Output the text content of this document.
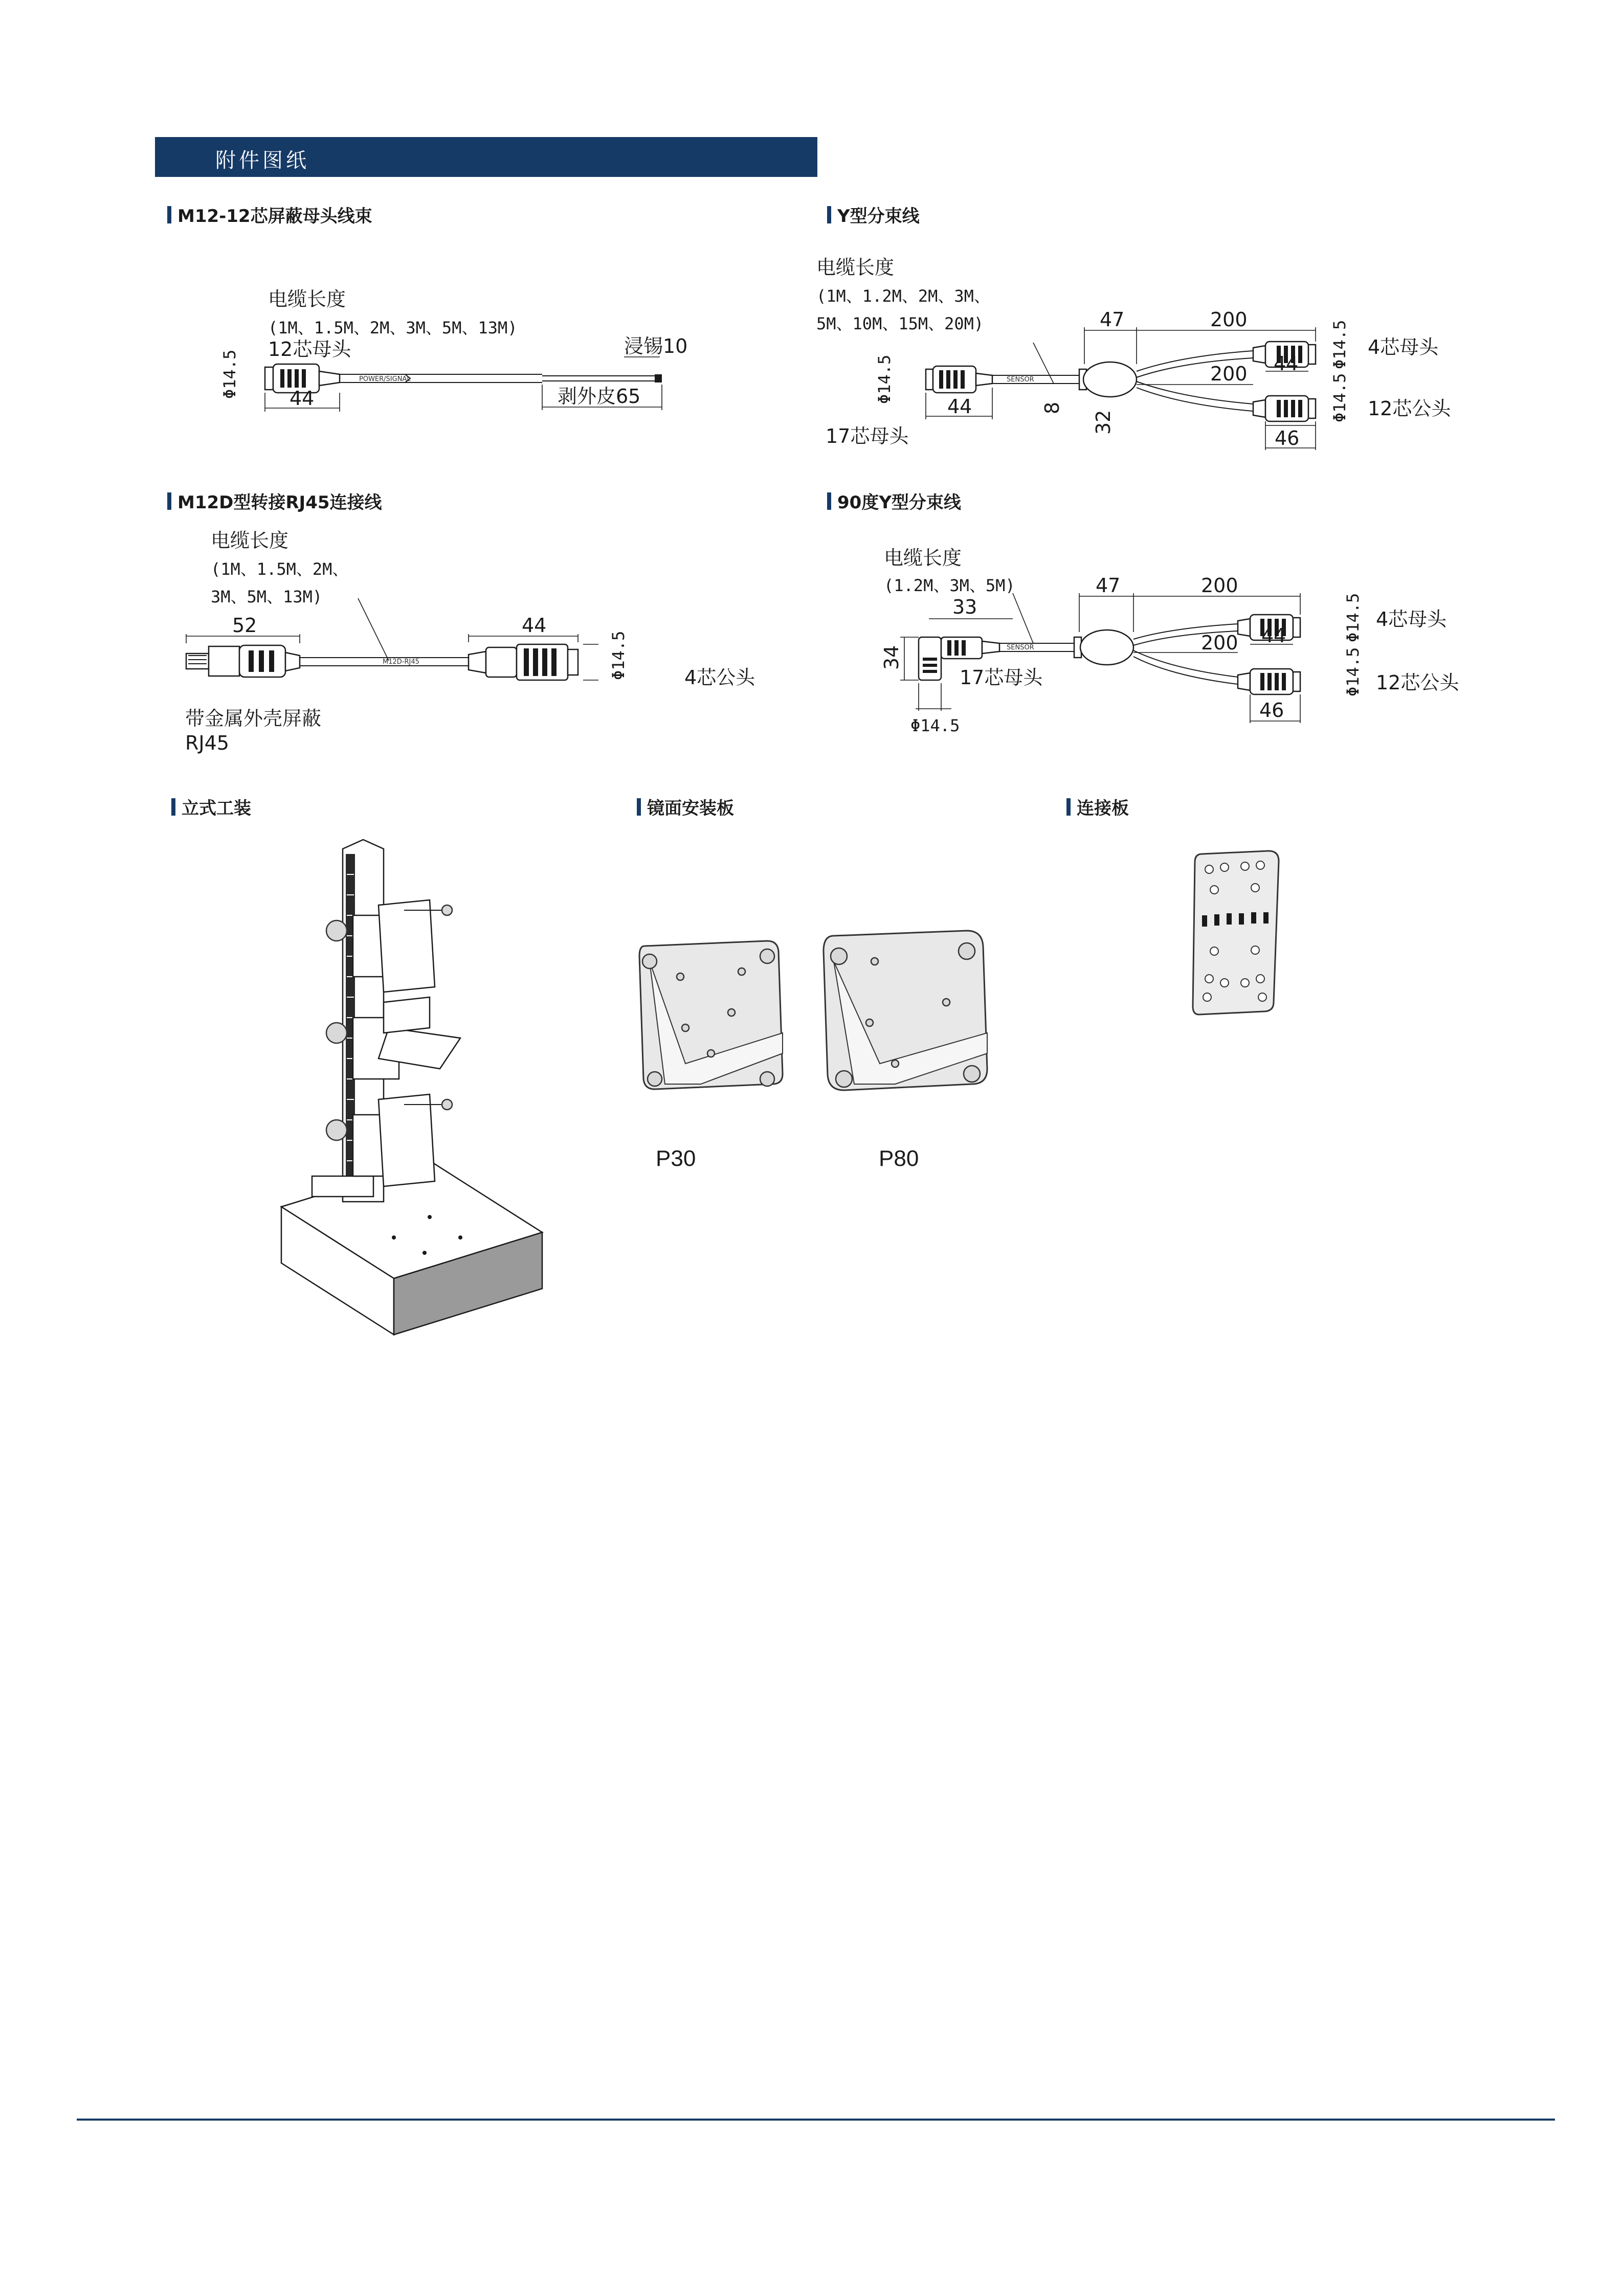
附件图纸
M12-12芯屏蔽母头线束	Y型分束线
M12D型转接RJ45连接线	90度Y型分束线
立式工装	镜面安装板	连接板
电缆长度
(1M、1.5M、2M、3M、5M、13M)
12芯母头
Φ14.5	POWER/SIGNAL
44
浸锡10
剥外皮65
电缆长度
(1M、1.2M、2M、3M、
5M、10M、15M、20M)
Φ14.5	SENSOR
44
17芯母头
8
32
47	200
200 44
46
Φ14.5
Φ14.5
4芯母头
12芯公头
电缆长度
(1M、1.5M、2M、
3M、5M、13M)
M12D-RJ45
52	44
Φ14.5	4芯公头
带金属外壳屏蔽
RJ45
电缆长度
(1.2M、3M、5M)
33
SENSOR
34
Φ14.5
17芯母头
47	200
200 44
46
Φ14.5
Φ14.5
4芯母头
12芯公头
P30	P80
